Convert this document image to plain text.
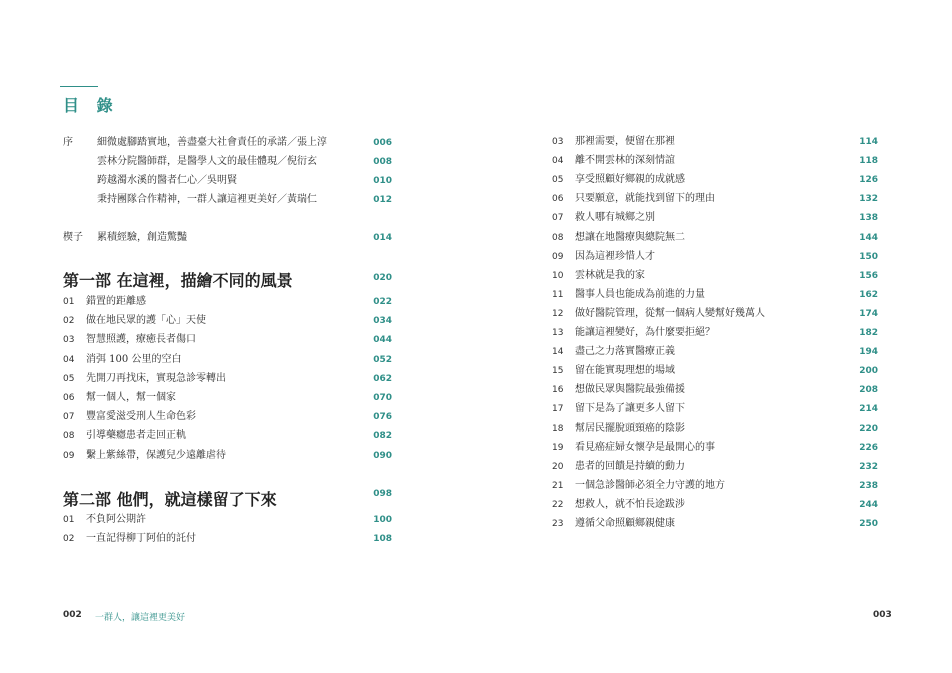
目 錄
序 細微處腳踏實地，善盡臺大社會責任的承諾／張上淳	006
雲林分院醫師群，是醫學人文的最佳體現／倪衍玄	008
跨越濁水溪的醫者仁心／吳明賢	010
秉持團隊合作精神，一群人讓這裡更美好／黃瑞仁	012
楔子 累積經驗，創造驚豔	014
第一部 在這裡，描繪不同的風景	020
01 錯置的距離感	022
02 做在地民眾的護「心」天使	034
03 智慧照護，療癒長者傷口	044
04 消弭 100 公里的空白	052
05 先開刀再找床，實現急診零轉出	062
06 幫一個人，幫一個家	070
07 豐富愛滋受刑人生命色彩	076
08 引導藥癮患者走回正軌	082
09 繫上紫絲帶，保護兒少遠離虐待	090
第二部 他們，就這樣留了下來	098
01 不負阿公期許	100
02 一直記得柳丁阿伯的託付	108
03 那裡需要，便留在那裡	114
04 離不開雲林的深刻情誼	118
05 享受照顧好鄉親的成就感	126
06 只要願意，就能找到留下的理由	132
07 救人哪有城鄉之別	138
08 想讓在地醫療與總院無二	144
09 因為這裡珍惜人才	150
10 雲林就是我的家	156
11 醫事人員也能成為前進的力量	162
12 做好醫院管理，從幫一個病人變幫好幾萬人	174
13 能讓這裡變好，為什麼要拒絕？	182
14 盡己之力落實醫療正義	194
15 留在能實現理想的場域	200
16 想做民眾與醫院最強備援	208
17 留下是為了讓更多人留下	214
18 幫居民擺脫頭頸癌的陰影	220
19 看見癌症婦女懷孕是最開心的事	226
20 患者的回饋是持續的動力	232
21 一個急診醫師必須全力守護的地方	238
22 想救人，就不怕長途跋涉	244
23 遵循父命照顧鄉親健康	250
002 一群人，讓這裡更美好	003
